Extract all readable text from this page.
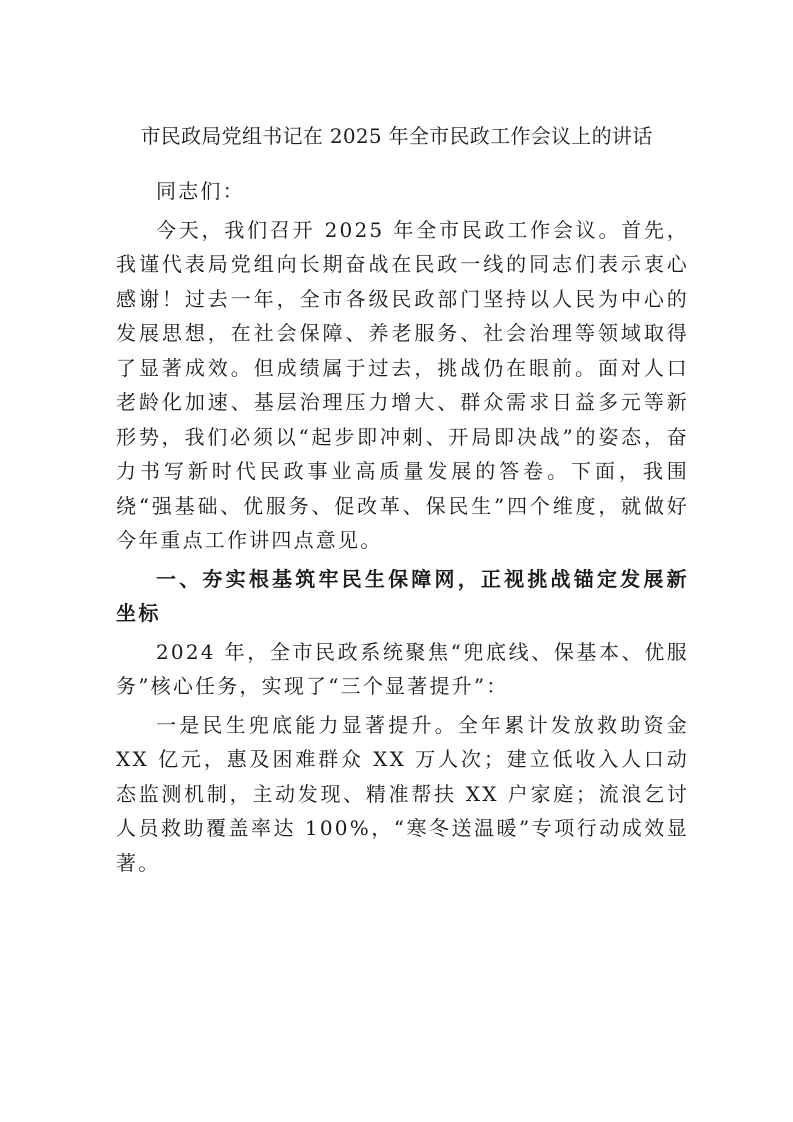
市民政局党组书记在 2025 年全市民政工作会议上的讲话

同志们：

今天，我们召开 2025 年全市民政工作会议。首先，我谨代表局党组向长期奋战在民政一线的同志们表示衷心感谢！过去一年，全市各级民政部门坚持以人民为中心的发展思想，在社会保障、养老服务、社会治理等领域取得了显著成效。但成绩属于过去，挑战仍在眼前。面对人口老龄化加速、基层治理压力增大、群众需求日益多元等新形势，我们必须以“起步即冲刺、开局即决战”的姿态，奋力书写新时代民政事业高质量发展的答卷。下面，我围绕“强基础、优服务、促改革、保民生”四个维度，就做好今年重点工作讲四点意见。

一、夯实根基筑牢民生保障网，正视挑战锚定发展新坐标

2024 年，全市民政系统聚焦“兜底线、保基本、优服务”核心任务，实现了“三个显著提升”：

一是民生兜底能力显著提升。全年累计发放救助资金 XX 亿元，惠及困难群众 XX 万人次；建立低收入人口动态监测机制，主动发现、精准帮扶 XX 户家庭；流浪乞讨人员救助覆盖率达 100%，“寒冬送温暖”专项行动成效显著。
